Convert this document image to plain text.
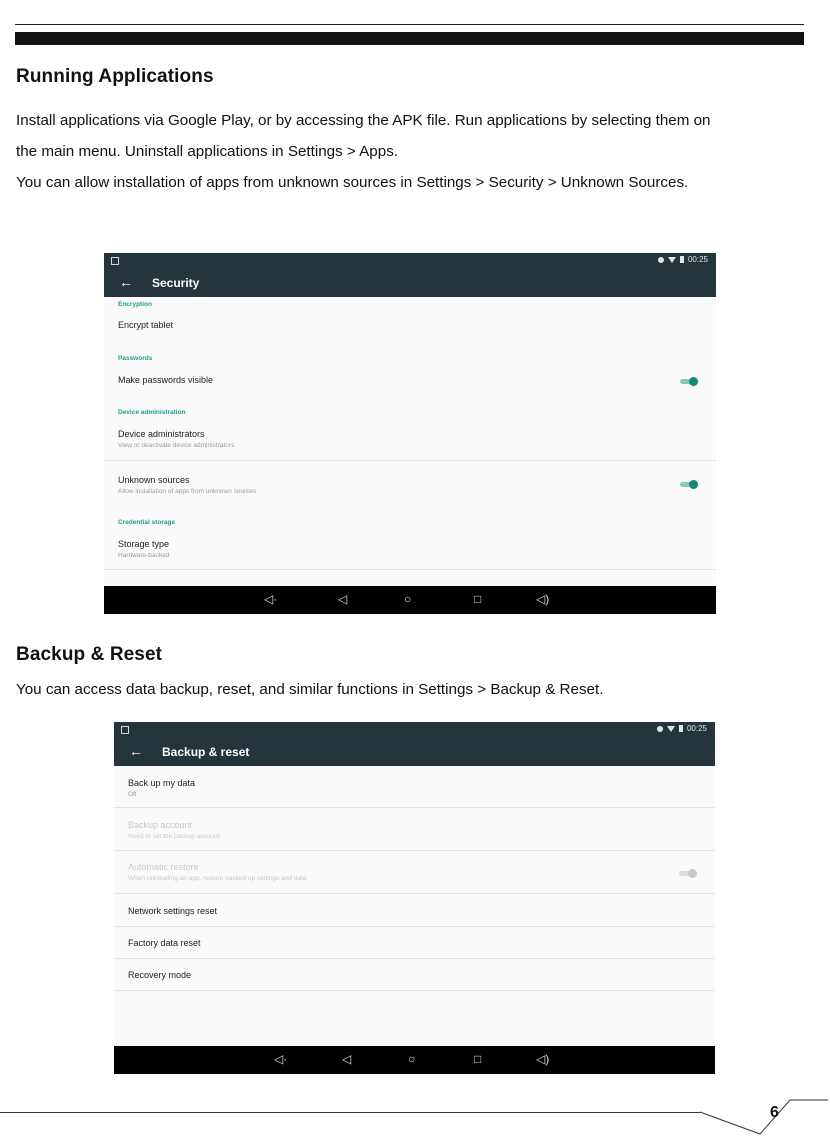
Running Applications
Install applications via Google Play, or by accessing the APK file. Run applications by selecting them on
the main menu. Uninstall applications in Settings > Apps.
You can allow installation of apps from unknown sources in Settings > Security > Unknown Sources.
00:25
← Security
Encryption
Encrypt tablet
Passwords
Make passwords visible
Device administration
Device administrators
View or deactivate device administrators
Unknown sources
Allow installation of apps from unknown sources
Credential storage
Storage type
Hardware-backed
◁·	◁	○	□	◁)
Backup & Reset
You can access data backup, reset, and similar functions in Settings > Backup & Reset.
00:25
← Backup & reset
Back up my data
Off
Backup account
Need to set the backup account
Automatic restore
When reinstalling an app, restore backed up settings and data
Network settings reset
Factory data reset
Recovery mode
◁·	◁	○	□	◁)
6
